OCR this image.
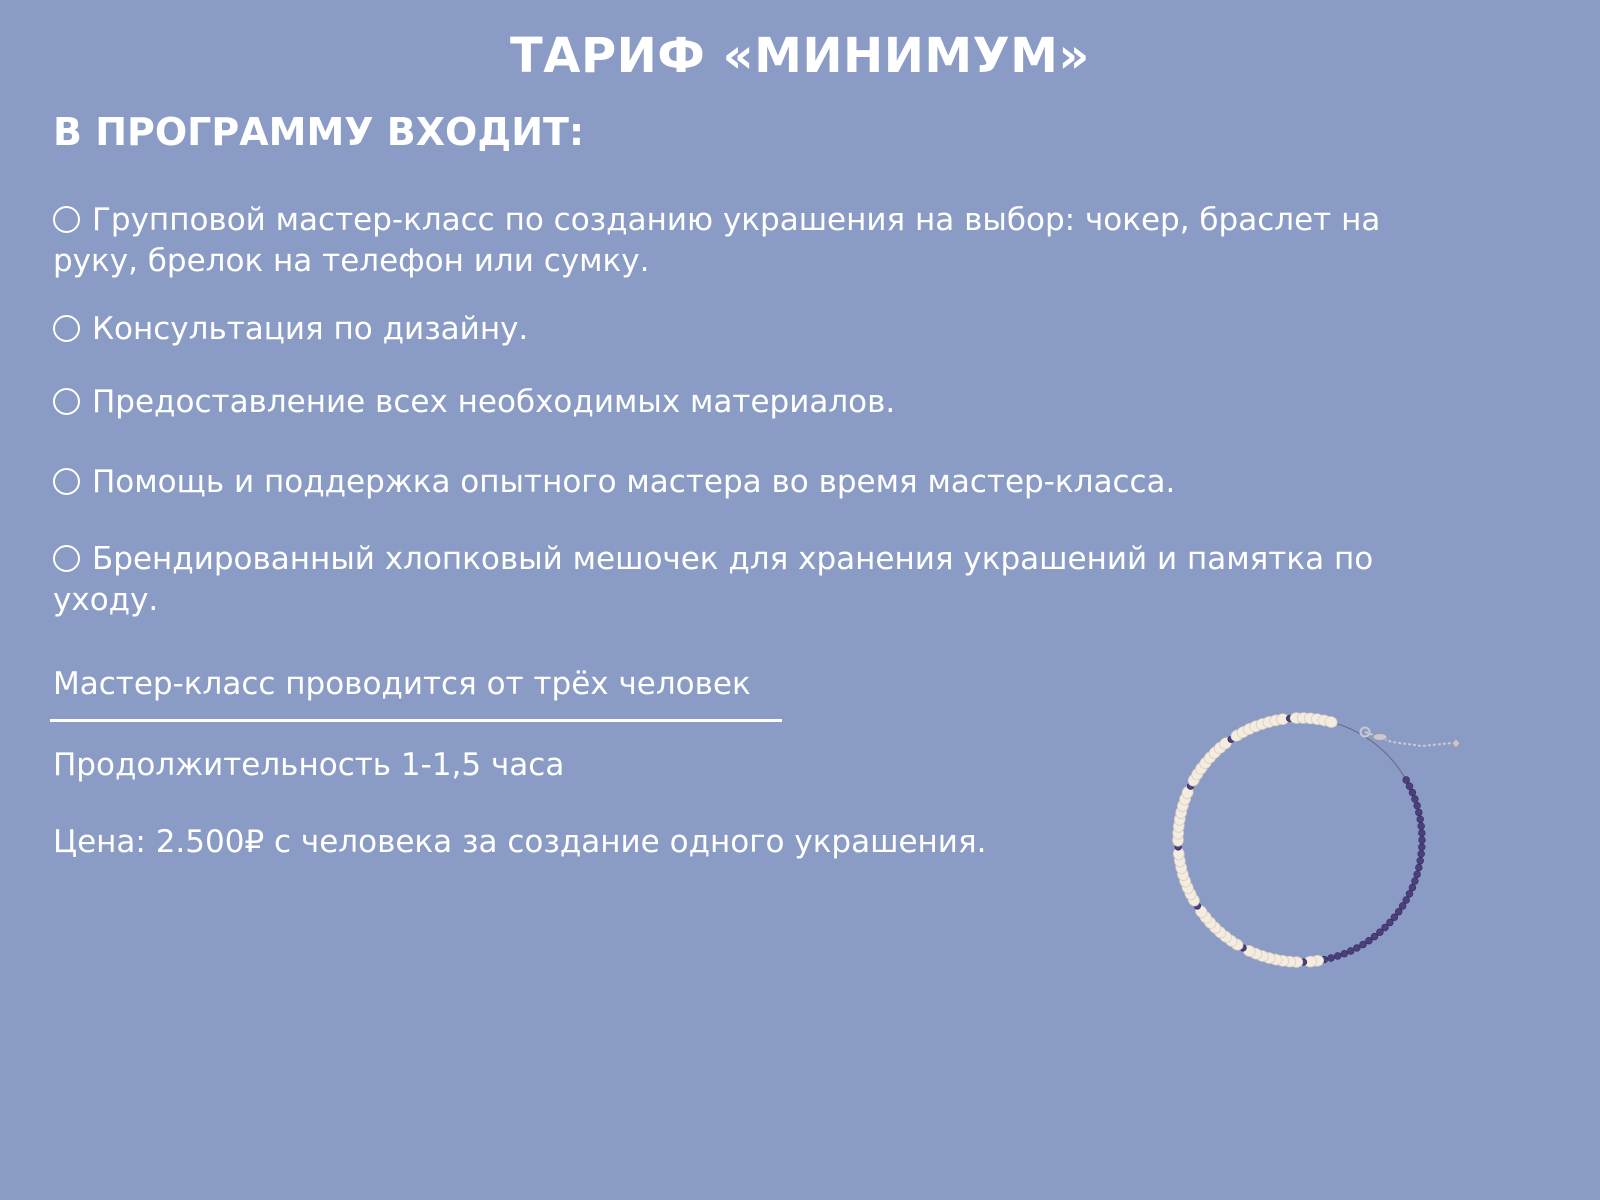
ТАРИФ «МИНИМУМ»
В ПРОГРАММУ ВХОДИТ:
Групповой мастер-класс по созданию украшения на выбор: чокер, браслет на руку, брелок на телефон или сумку.
Консультация по дизайну.
Предоставление всех необходимых материалов.
Помощь и поддержка опытного мастера во время мастер-класса.
Брендированный хлопковый мешочек для хранения украшений и памятка по уходу.

Мастер-класс проводится от трёх человек

Продолжительность 1-1,5 часа

Цена: 2.500₽ с человека за создание одного украшения.
